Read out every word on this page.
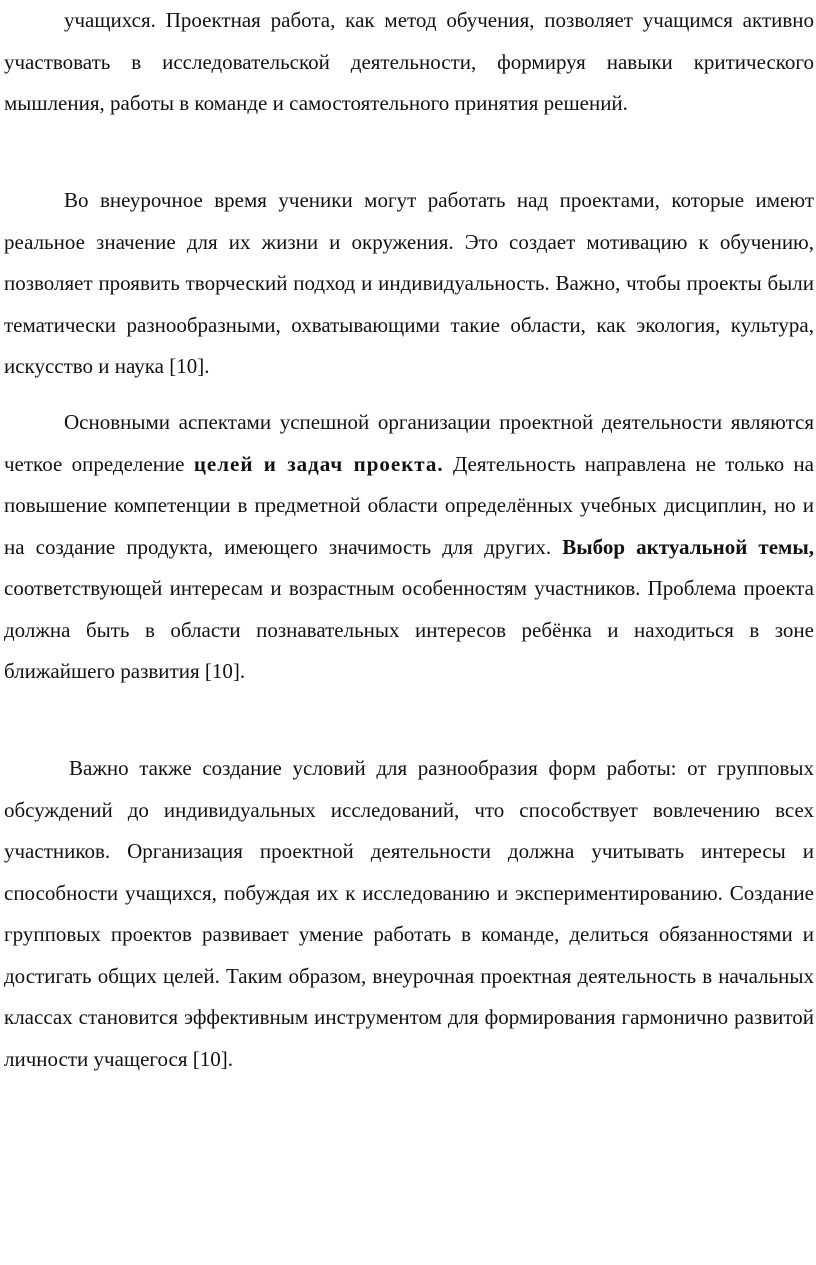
учащихся. Проектная работа, как метод обучения, позволяет учащимся активно участвовать в исследовательской деятельности, формируя навыки критического мышления, работы в команде и самостоятельного принятия решений.

Во внеурочное время ученики могут работать над проектами, которые имеют реальное значение для их жизни и окружения. Это создает мотивацию к обучению, позволяет проявить творческий подход и индивидуальность. Важно, чтобы проекты были тематически разнообразными, охватывающими такие области, как экология, культура, искусство и наука [10].

Основными аспектами успешной организации проектной деятельности являются четкое определение целей и задач проекта. Деятельность направлена не только на повышение компетенции в предметной области определённых учебных дисциплин, но и на создание продукта, имеющего значимость для других. Выбор актуальной темы, соответствующей интересам и возрастным особенностям участников. Проблема проекта должна быть в области познавательных интересов ребёнка и находиться в зоне ближайшего развития [10].

Важно также создание условий для разнообразия форм работы: от групповых обсуждений до индивидуальных исследований, что способствует вовлечению всех участников. Организация проектной деятельности должна учитывать интересы и способности учащихся, побуждая их к исследованию и экспериментированию. Создание групповых проектов развивает умение работать в команде, делиться обязанностями и достигать общих целей. Таким образом, внеурочная проектная деятельность в начальных классах становится эффективным инструментом для формирования гармонично развитой личности учащегося [10].
